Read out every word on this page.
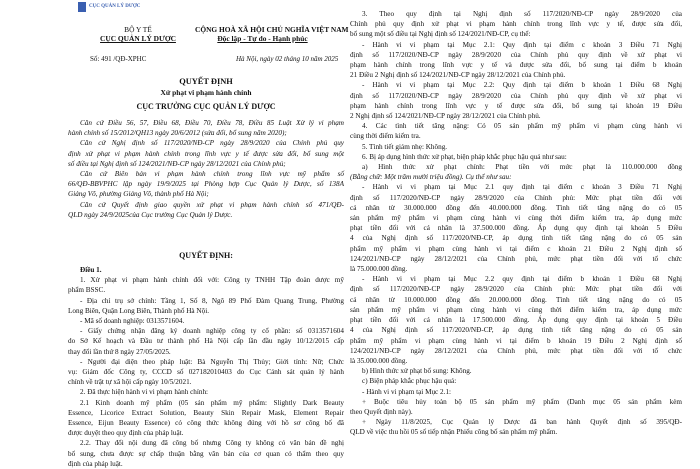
CỤC QUẢN LÝ DƯỢC
BỘ Y TẾ
CỤC QUẢN LÝ DƯỢC
CỘNG HOÀ XÃ HỘI CHỦ NGHĨA VIỆT NAM
Độc lập - Tự do - Hạnh phúc
Số: 491 /QĐ-XPHC	Hà Nội, ngày 02 tháng 10 năm 2025
QUYẾT ĐỊNH
Xử phạt vi phạm hành chính
CỤC TRƯỞNG CỤC QUẢN LÝ DƯỢC
Căn cứ Điều 56, 57, Điều 68, Điều 70, Điều 78, Điều 85 Luật Xử lý vi phạm
hành chính số 15/2012/QH13 ngày 20/6/2012 (sửa đổi, bổ sung năm 2020);
Căn cứ Nghị định số 117/2020/NĐ-CP ngày 28/9/2020 của Chính phủ quy
định xử phạt vi phạm hành chính trong lĩnh vực y tế được sửa đổi, bổ sung một
số điều tại Nghị định số 124/2021/NĐ-CP ngày 28/12/2021 của Chính phủ;
Căn cứ Biên bản vi phạm hành chính trong lĩnh vực mỹ phẩm số
66/QĐ-BBVPHC lập ngày 19/9/2025 tại Phòng hợp Cục Quản lý Dược, số 138A
Giảng Võ, phường Giảng Võ, thành phố Hà Nội;
Căn cứ Quyết định giao quyền xử phạt vi phạm hành chính số 471/QĐ-
QLD ngày 24/9/2025của Cục trưởng Cục Quản lý Dược.
QUYẾT ĐỊNH:
Điều 1.
1. Xử phạt vi phạm hành chính đối với: Công ty TNHH Tập đoàn dược mỹ
phẩm BSSC.
- Địa chỉ trụ sở chính: Tầng 1, Số 8, Ngõ 89 Phố Đàm Quang Trung, Phường
Long Biên, Quận Long Biên, Thành phố Hà Nội.
- Mã số doanh nghiệp: 0313571604.
- Giấy chứng nhận đăng ký doanh nghiệp công ty cổ phần: số 0313571604
do Sở Kế hoạch và Đầu tư thành phố Hà Nội cấp lần đầu ngày 10/12/2015 cấp
thay đổi lần thứ 8 ngày 27/05/2025.
- Người đại diện theo pháp luật: Bà Nguyễn Thị Thủy; Giới tính: Nữ; Chức
vụ: Giám đốc Công ty, CCCD số 027182010403 do Cục Cảnh sát quản lý hành
chính về trật tự xã hội cấp ngày 10/5/2021.
2. Đã thực hiện hành vi vi phạm hành chính:
2.1 Kinh doanh mỹ phẩm (05 sản phẩm mỹ phẩm: Slightly Dark Beauty
Essence, Licorice Extract Solution, Beauty Skin Repair Mask, Element Repair
Essence, Eijun Beauty Essence) có công thức không đúng với hồ sơ công bố đã
được duyệt theo quy định của pháp luật.
2.2. Thay đổi nội dung đã công bố nhưng Công ty không có văn bản đề nghị
bổ sung, chưa được sự chấp thuận bằng văn bản của cơ quan có thẩm theo quy
định của pháp luật.
3. Theo quy định tại Nghị định số 117/2020/NĐ-CP ngày 28/9/2020 của
Chính phủ quy định xử phạt vi phạm hành chính trong lĩnh vực y tế, được sửa đổi,
bổ sung một số điều tại Nghị định số 124/2021/NĐ-CP, cụ thể:
- Hành vi vi phạm tại Mục 2.1: Quy định tại điểm c khoản 3 Điều 71 Nghị
định số 117/2020/NĐ-CP ngày 28/9/2020 của Chính phủ quy định về xử phạt vi
phạm hành chính trong lĩnh vực y tế và được sửa đổi, bổ sung tại điểm b khoản
21 Điều 2 Nghị định số 124/2021/NĐ-CP ngày 28/12/2021 của Chính phủ.
- Hành vi vi phạm tại Mục 2.2: Quy định tại điểm b khoản 1 Điều 68 Nghị
định số 117/2020/NĐ-CP ngày 28/9/2020 của Chính phủ quy định về xử phạt vi
phạm hành chính trong lĩnh vực y tế được sửa đổi, bổ sung tại khoản 19 Điều
2 Nghị định số 124/2021/NĐ-CP ngày 28/12/2021 của Chính phủ.
4. Các tình tiết tăng nặng: Có 05 sản phẩm mỹ phẩm vi phạm cùng hành vi
cùng thời điểm kiểm tra.
5. Tình tiết giảm nhẹ: Không.
6. Bị áp dụng hình thức xử phạt, biện pháp khắc phục hậu quả như sau:
a) Hình thức xử phạt chính: Phạt tiền với mức phạt là 110.000.000 đồng
(Bằng chữ: Một trăm mười triệu đồng). Cụ thể như sau:
- Hành vi vi phạm tại Mục 2.1 quy định tại điểm c khoản 3 Điều 71 Nghị
định số 117/2020/NĐ-CP ngày 28/9/2020 của Chính phủ: Mức phạt tiền đối với
cá nhân từ 30.000.000 đồng đến 40.000.000 đồng. Tình tiết tăng nặng do có 05
sản phẩm mỹ phẩm vi phạm cùng hành vi cùng thời điểm kiểm tra, áp dụng mức
phạt tiền đối với cá nhân là 37.500.000 đồng. Áp dụng quy định tại khoản 5 Điều
4 của Nghị định số 117/2020/NĐ-CP, áp dụng tình tiết tăng nặng do có 05 sản
phẩm mỹ phẩm vi phạm cùng hành vi tại điểm c khoản 21 Điều 2 Nghị định số
124/2021/NĐ-CP ngày 28/12/2021 của Chính phủ, mức phạt tiền đối với tổ chức
là 75.000.000 đồng.
- Hành vi vi phạm tại Mục 2.2 quy định tại điểm b khoản 1 Điều 68 Nghị
định số 117/2020/NĐ-CP ngày 28/9/2020 của Chính phủ: Mức phạt tiền đối với
cá nhân từ 10.000.000 đồng đến 20.000.000 đồng. Tình tiết tăng nặng do có 05
sản phẩm mỹ phẩm vi phạm cùng hành vi cùng thời điểm kiểm tra, áp dụng mức
phạt tiền đối với cá nhân là 17.500.000 đồng. Áp dụng quy định tại khoản 5 Điều
4 của Nghị định số 117/2020/NĐ-CP, áp dụng tình tiết tăng nặng do có 05 sản
phẩm mỹ phẩm vi phạm cùng hành vi tại điểm b khoản 19 Điều 2 Nghị định số
124/2021/NĐ-CP ngày 28/12/2021 của Chính phủ, mức phạt tiền đối với tổ chức
là 35.000.000 đồng.
b) Hình thức xử phạt bổ sung: Không.
c) Biện pháp khắc phục hậu quả:
- Hành vi vi phạm tại Mục 2.1:
+ Buộc tiêu hủy toàn bộ 05 sản phẩm mỹ phẩm (Danh mục 05 sản phẩm kèm
theo Quyết định này).
+ Ngày 11/8/2025, Cục Quản lý Dược đã ban hành Quyết định số 395/QĐ-
QLD về việc thu hồi 05 số tiếp nhận Phiếu công bố sản phẩm mỹ phẩm.
